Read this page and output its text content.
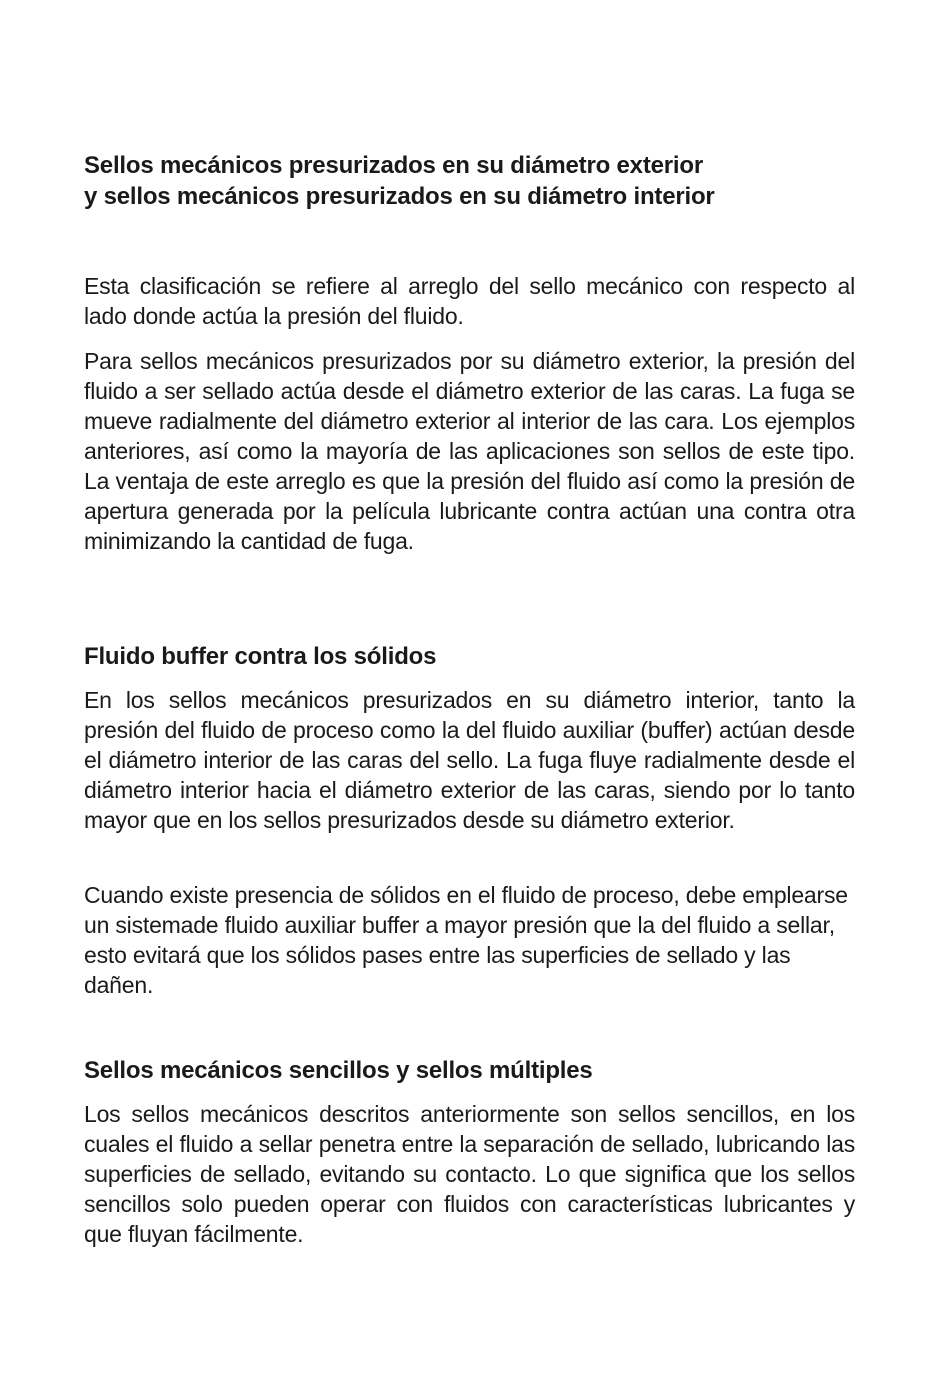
Sellos mecánicos presurizados en su diámetro exterior
y sellos mecánicos presurizados en su diámetro interior

Esta clasificación se refiere al arreglo del sello mecánico con respecto al lado donde actúa la presión del fluido.

Para sellos mecánicos presurizados por su diámetro exterior, la presión del fluido a ser sellado actúa desde el diámetro exterior de las caras. La fuga se mueve radialmente del diámetro exterior al interior de las cara. Los ejemplos anteriores, así como la mayoría de las aplicaciones son sellos de este tipo. La ventaja de este arreglo es que la presión del fluido así como la presión de apertura generada por la película lubricante contra actúan una contra otra minimizando la cantidad de fuga.

Fluido buffer contra los sólidos

En los sellos mecánicos presurizados en su diámetro interior, tanto la presión del fluido de proceso como la del fluido auxiliar (buffer) actúan desde el diámetro interior de las caras del sello. La fuga fluye radialmente desde el diámetro interior hacia el diámetro exterior de las caras, siendo por lo tanto mayor que en los sellos presurizados desde su diámetro exterior.

Cuando existe presencia de sólidos en el fluido de proceso, debe emplearse un sistemade fluido auxiliar buffer a mayor presión que la del fluido a sellar, esto evitará que los sólidos pases entre las superficies de sellado y las dañen.

Sellos mecánicos sencillos y sellos múltiples

Los sellos mecánicos descritos anteriormente son sellos sencillos, en los cuales el fluido a sellar penetra entre la separación de sellado, lubricando las superficies de sellado, evitando su contacto. Lo que significa que los sellos sencillos solo pueden operar con fluidos con características lubricantes y que fluyan fácilmente.
